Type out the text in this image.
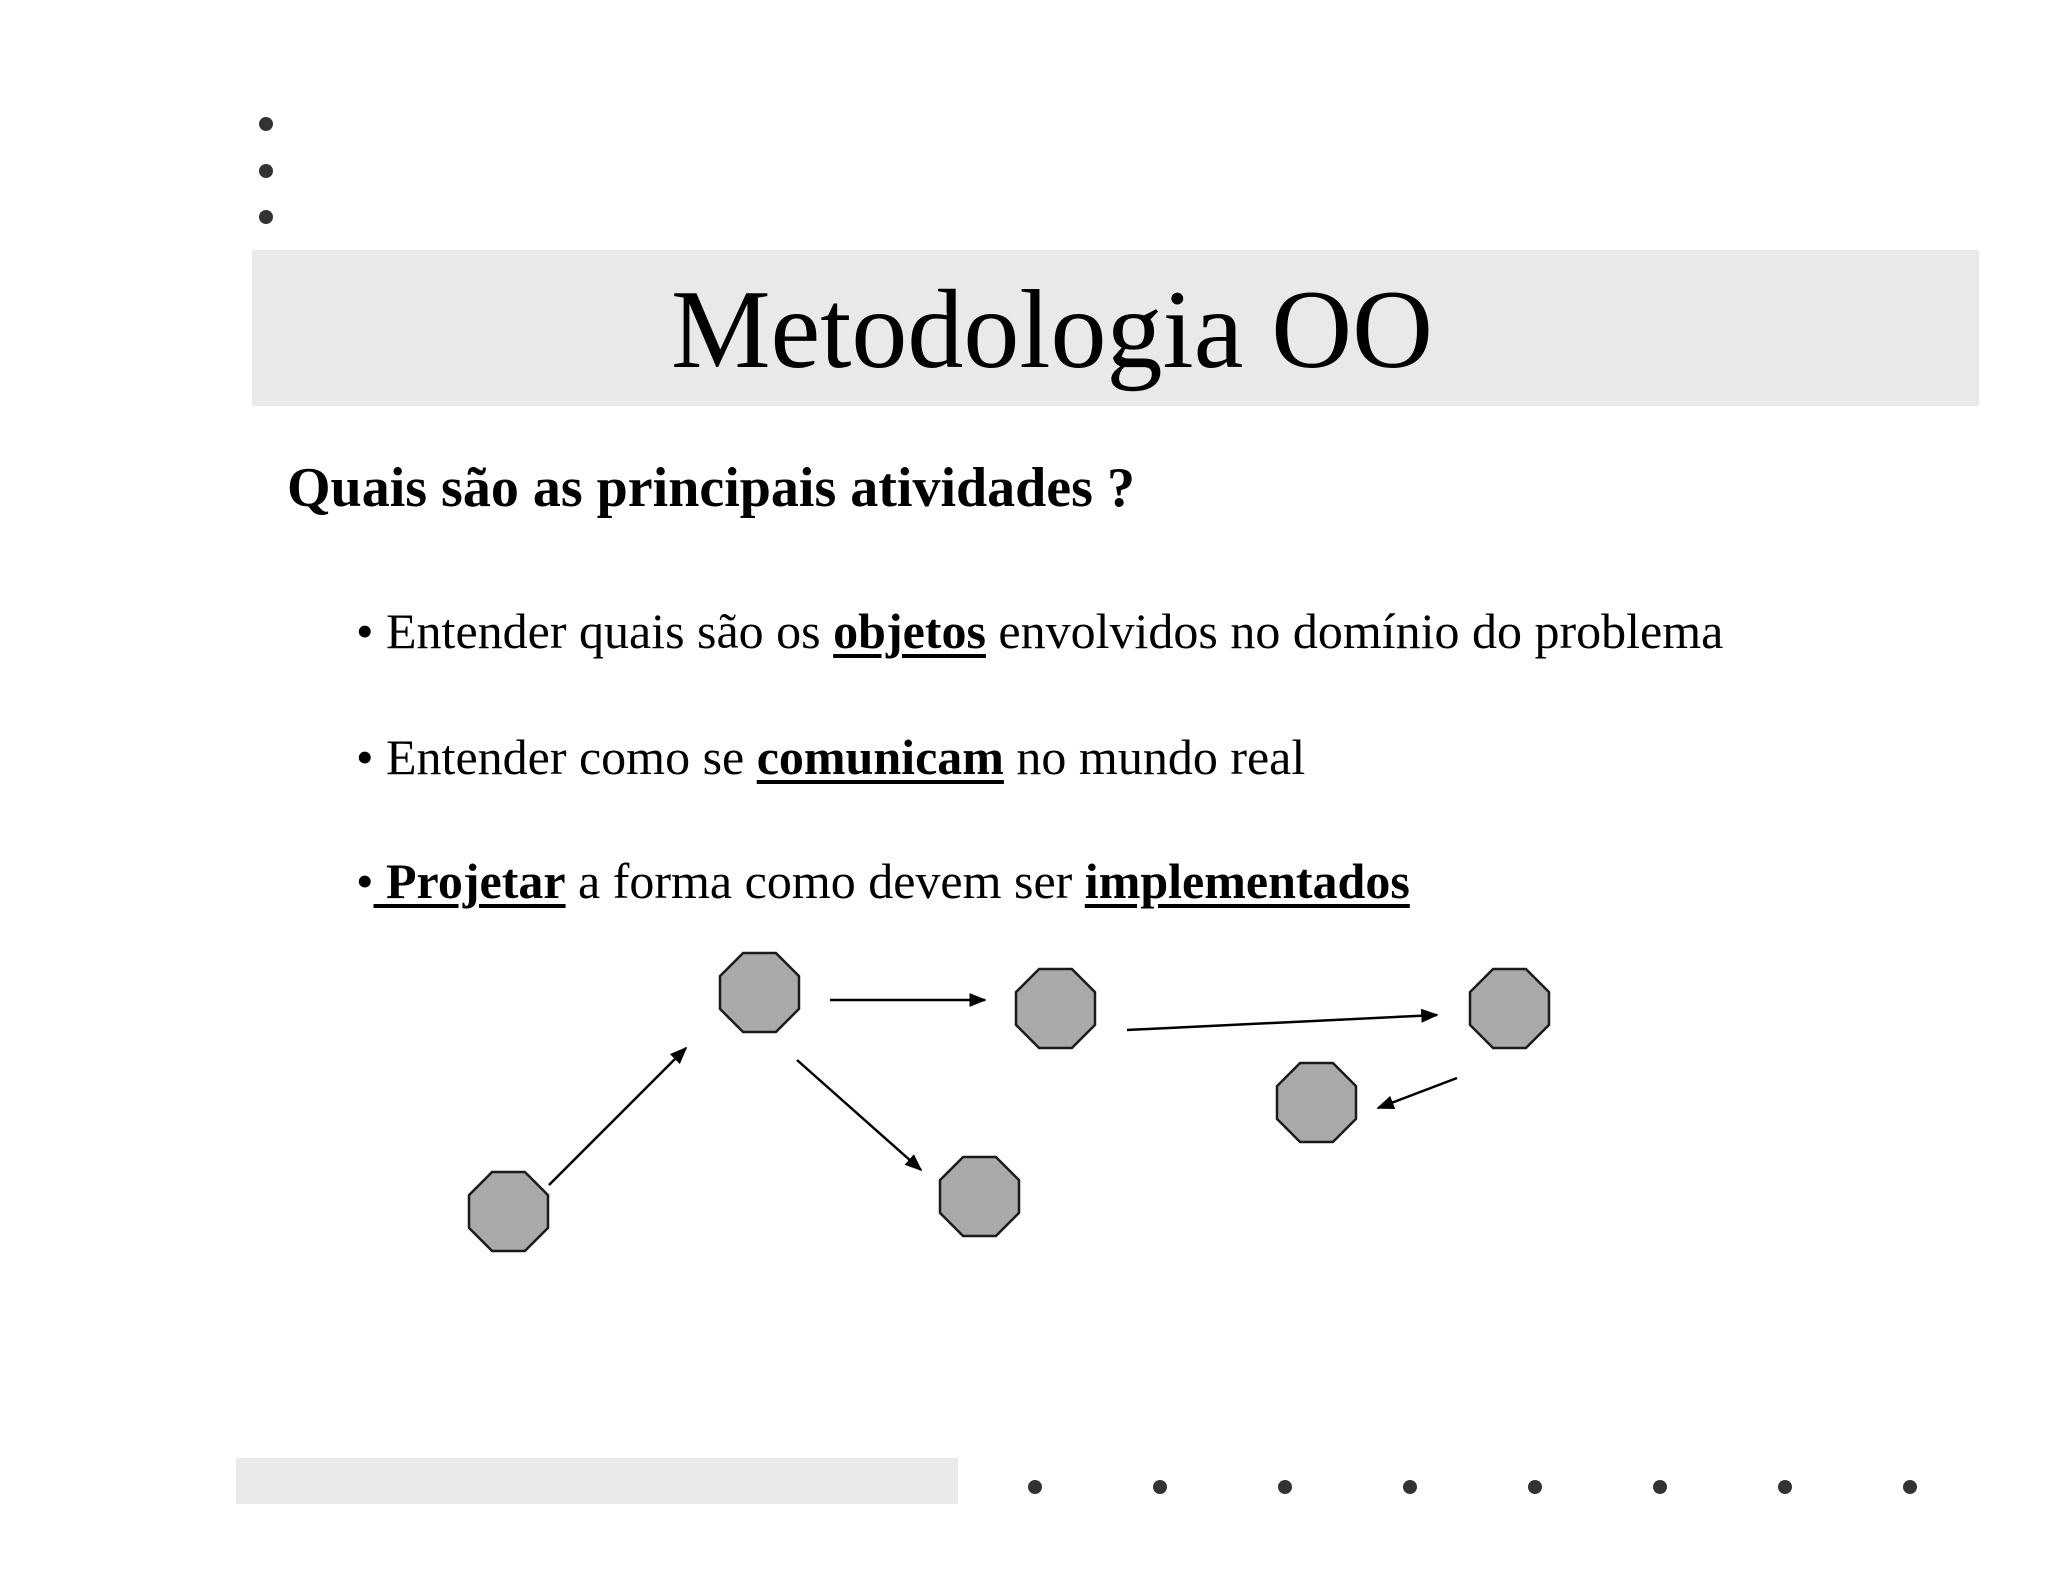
Metodologia OO
Quais são as principais atividades ?

• Entender quais são os objetos envolvidos no domínio do problema

• Entender como se comunicam no mundo real

• Projetar a forma como devem ser implementados
